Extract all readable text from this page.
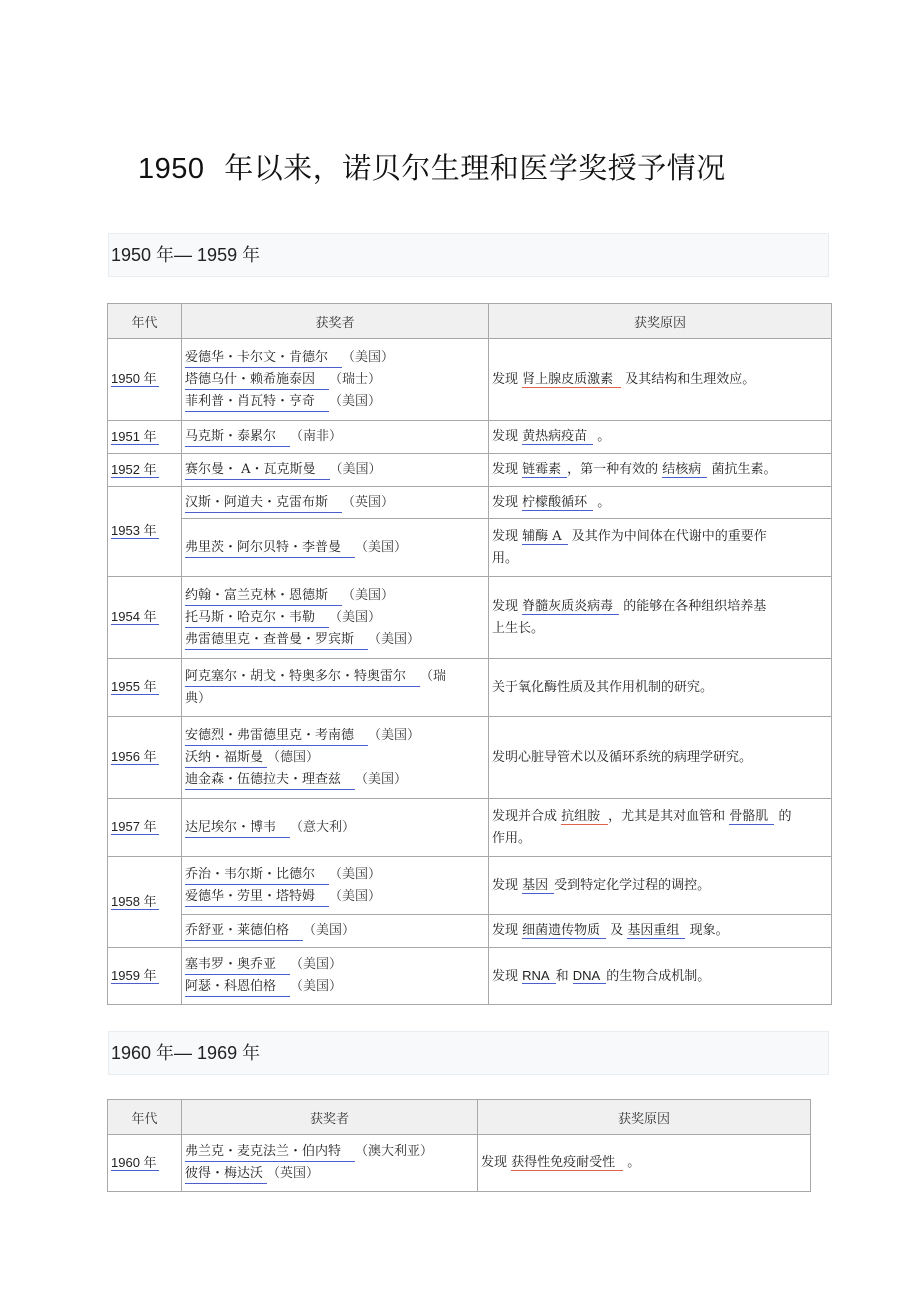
1950 年以来，诺贝尔生理和医学奖授予情况
1950 年— 1959 年
年代	获奖者	获奖原因
1950 年	爱德华・卡尔文・肯德尔 （美国）
塔德乌什・赖希施泰因 （瑞士）
菲利普・肖瓦特・亨奇 （美国）	发现 肾上腺皮质激素 及其结构和生理效应。
1951 年	马克斯・泰累尔 （南非）	发现 黄热病疫苗 。
1952 年	赛尔曼・ A・瓦克斯曼 （美国）	发现 链霉素 ，第一种有效的 结核病 菌抗生素。
1953 年	汉斯・阿道夫・克雷布斯 （英国）	发现 柠檬酸循环 。

	弗里茨・阿尔贝特・李普曼 （美国）	发现 辅酶 A 及其作为中间体在代谢中的重要作
用。
1954 年	约翰・富兰克林・恩德斯 （美国）
托马斯・哈克尔・韦勒 （美国）
弗雷德里克・查普曼・罗宾斯 （美国）	发现 脊髓灰质炎病毒 的能够在各种组织培养基
上生长。
1955 年	阿克塞尔・胡戈・特奥多尔・特奥雷尔 （瑞
典）	关于氧化酶性质及其作用机制的研究。
1956 年	安德烈・弗雷德里克・考南德 （美国）
沃纳・福斯曼 （德国）
迪金森・伍德拉夫・理查兹 （美国）	发明心脏导管术以及循环系统的病理学研究。
1957 年	达尼埃尔・博韦 （意大利）	发现并合成 抗组胺 ，尤其是其对血管和 骨骼肌 的
作用。
1958 年	乔治・韦尔斯・比德尔 （美国）
爱德华・劳里・塔特姆 （美国）	发现 基因 受到特定化学过程的调控。

	乔舒亚・莱德伯格 （美国）	发现 细菌遗传物质 及 基因重组 现象。
1959 年	塞韦罗・奥乔亚 （美国）
阿瑟・科恩伯格 （美国）	发现 RNA 和 DNA 的生物合成机制。
1960 年— 1969 年
年代	获奖者	获奖原因
1960 年	弗兰克・麦克法兰・伯内特 （澳大利亚）
彼得・梅达沃 （英国）	发现 获得性免疫耐受性 。
